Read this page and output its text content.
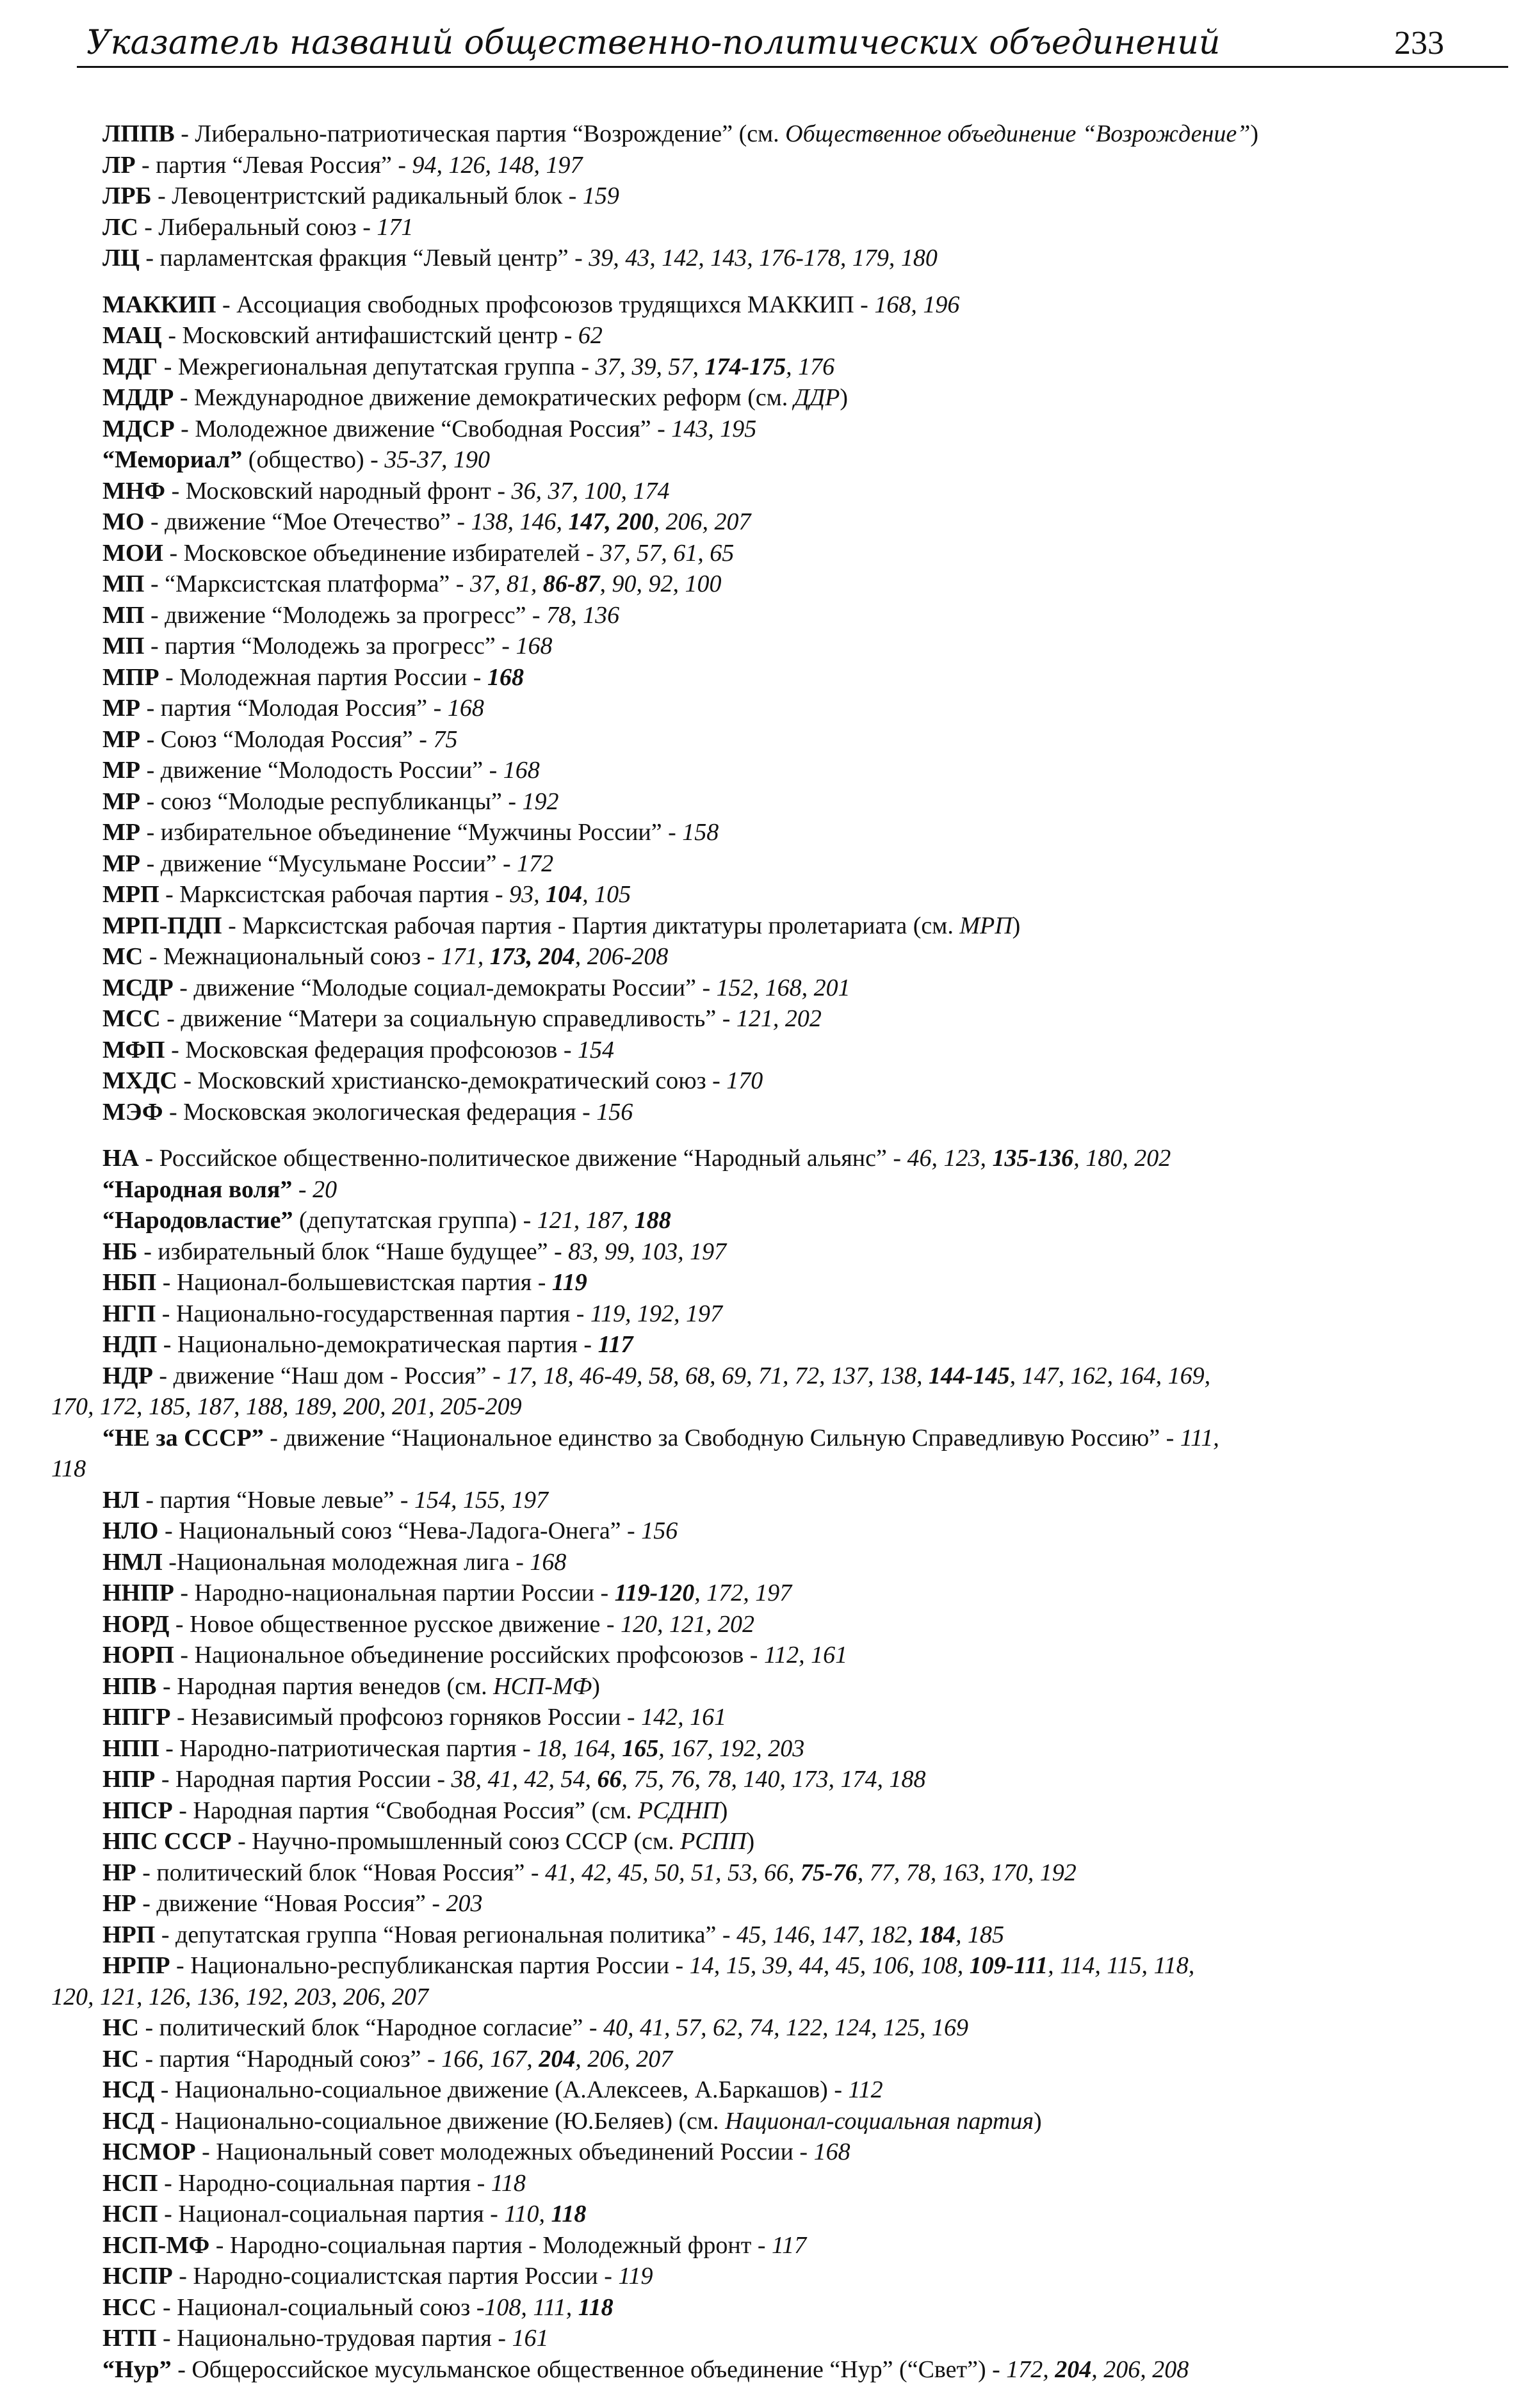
Указатель названий общественно-политических объединений	233
ЛППВ - Либерально-патриотическая партия “Возрождение” (см. Общественное объединение “Возрождение”)
ЛР - партия “Левая Россия” - 94, 126, 148, 197
ЛРБ - Левоцентристский радикальный блок - 159
ЛС - Либеральный союз - 171
ЛЦ - парламентская фракция “Левый центр” - 39, 43, 142, 143, 176-178, 179, 180
МАККИП - Ассоциация свободных профсоюзов трудящихся МАККИП - 168, 196
МАЦ - Московский антифашистский центр - 62
МДГ - Межрегиональная депутатская группа - 37, 39, 57, 174-175, 176
МДДР - Международное движение демократических реформ (см. ДДР)
МДСР - Молодежное движение “Свободная Россия” - 143, 195
“Мемориал” (общество) - 35-37, 190
МНФ - Московский народный фронт - 36, 37, 100, 174
МО - движение “Мое Отечество” - 138, 146, 147, 200, 206, 207
МОИ - Московское объединение избирателей - 37, 57, 61, 65
МП - “Марксистская платформа” - 37, 81, 86-87, 90, 92, 100
МП - движение “Молодежь за прогресс” - 78, 136
МП - партия “Молодежь за прогресс” - 168
МПР - Молодежная партия России - 168
МР - партия “Молодая Россия” - 168
МР - Союз “Молодая Россия” - 75
МР - движение “Молодость России” - 168
МР - союз “Молодые республиканцы” - 192
МР - избирательное объединение “Мужчины России” - 158
МР - движение “Мусульмане России” - 172
МРП - Марксистская рабочая партия - 93, 104, 105
МРП-ПДП - Марксистская рабочая партия - Партия диктатуры пролетариата (см. МРП)
МС - Межнациональный союз - 171, 173, 204, 206-208
МСДР - движение “Молодые социал-демократы России” - 152, 168, 201
МСС - движение “Матери за социальную справедливость” - 121, 202
МФП - Московская федерация профсоюзов - 154
МХДС - Московский христианско-демократический союз - 170
МЭФ - Московская экологическая федерация - 156
НА - Российское общественно-политическое движение “Народный альянс” - 46, 123, 135-136, 180, 202
“Народная воля” - 20
“Народовластие” (депутатская группа) - 121, 187, 188
НБ - избирательный блок “Наше будущее” - 83, 99, 103, 197
НБП - Национал-большевистская партия - 119
НГП - Национально-государственная партия - 119, 192, 197
НДП - Национально-демократическая партия - 117
НДР - движение “Наш дом - Россия” - 17, 18, 46-49, 58, 68, 69, 71, 72, 137, 138, 144-145, 147, 162, 164, 169,
170, 172, 185, 187, 188, 189, 200, 201, 205-209
“НЕ за СССР” - движение “Национальное единство за Свободную Сильную Справедливую Россию” - 111,
118
НЛ - партия “Новые левые” - 154, 155, 197
НЛО - Национальный союз “Нева-Ладога-Онега” - 156
НМЛ -Национальная молодежная лига - 168
ННПР - Народно-национальная партии России - 119-120, 172, 197
НОРД - Новое общественное русское движение - 120, 121, 202
НОРП - Национальное объединение российских профсоюзов - 112, 161
НПВ - Народная партия венедов (см. НСП-МФ)
НПГР - Независимый профсоюз горняков России - 142, 161
НПП - Народно-патриотическая партия - 18, 164, 165, 167, 192, 203
НПР - Народная партия России - 38, 41, 42, 54, 66, 75, 76, 78, 140, 173, 174, 188
НПСР - Народная партия “Свободная Россия” (см. РСДНП)
НПС СССР - Научно-промышленный союз СССР (см. РСПП)
НР - политический блок “Новая Россия” - 41, 42, 45, 50, 51, 53, 66, 75-76, 77, 78, 163, 170, 192
НР - движение “Новая Россия” - 203
НРП - депутатская группа “Новая региональная политика” - 45, 146, 147, 182, 184, 185
НРПР - Национально-республиканская партия России - 14, 15, 39, 44, 45, 106, 108, 109-111, 114, 115, 118,
120, 121, 126, 136, 192, 203, 206, 207
НС - политический блок “Народное согласие” - 40, 41, 57, 62, 74, 122, 124, 125, 169
НС - партия “Народный союз” - 166, 167, 204, 206, 207
НСД - Национально-социальное движение (А.Алексеев, А.Баркашов) - 112
НСД - Национально-социальное движение (Ю.Беляев) (см. Национал-социальная партия)
НСМОР - Национальный совет молодежных объединений России - 168
НСП - Народно-социальная партия - 118
НСП - Национал-социальная партия - 110, 118
НСП-МФ - Народно-социальная партия - Молодежный фронт - 117
НСПР - Народно-социалистская партия России - 119
НСС - Национал-социальный союз -108, 111, 118
НТП - Национально-трудовая партия - 161
“Нур” - Общероссийское мусульманское общественное объединение “Нур” (“Свет”) - 172, 204, 206, 208
